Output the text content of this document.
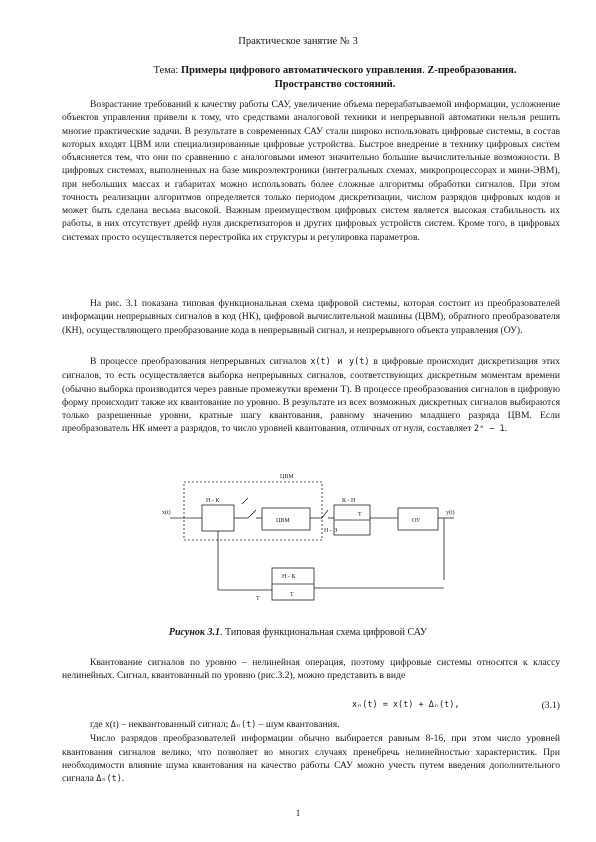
Практическое занятие № 3
Тема: Примеры цифрового автоматического управления. Z-преобразования.
Пространство состояний.

Возрастание требований к качеству работы САУ, увеличение объема перерабатываемой информации, усложнение объектов управления привели к тому, что средствами аналоговой техники и непрерывной автоматики нельзя решить многие практические задачи. В результате в современных САУ стали широко использовать цифровые системы, в состав которых входят ЦВМ или специализированные цифровые устройства. Быстрое внедрение в технику цифровых систем объясняется тем, что они по сравнению с аналоговыми имеют значительно большие вычислительные возможности. В цифровых системах, выполненных на базе микроэлектроники (интегральных схемах, микропроцессорах и мини-ЭВМ), при небольших массах и габаритах можно использовать более сложные алгоритмы обработки сигналов. При этом точность реализации алгоритмов определяется только периодом дискретизации, числом разрядов цифровых кодов и может быть сделана весьма высокой. Важным преимуществом цифровых систем является высокая стабильность их работы, в них отсутствует дрейф нуля дискретизаторов и других цифровых устройств систем. Кроме того, в цифровых системах просто осуществляется перестройка их структуры и регулировка параметров.

На рис. 3.1 показана типовая функциональная схема цифровой системы, которая состоит из преобразователей информации непрерывных сигналов в код (НК), цифровой вычислительной машины (ЦВМ), обратного преобразователя (КН), осуществляющего преобразование кода в непрерывный сигнал, и непрерывного объекта управления (ОУ).

В процессе преобразования непрерывных сигналов x(t) и y(t) в цифровые происходит дискретизация этих сигналов, то есть осуществляется выборка непрерывных сигналов, соответствующих дискретным моментам времени (обычно выборка производится через равные промежутки времени T). В процессе преобразования сигналов в цифровую форму происходит также их квантование по уровню. В результате из всех возможных дискретных сигналов выбираются только разрешенные уровни, кратные шагу квантования, равному значению младшего разряда ЦВМ. Если преобразователь НК имеет a разрядов, то число уровней квантования, отличных от нуля, составляет 2ᵃ − 1.

ЦВМ
x(t)
Н - К
ЦВМ
К - Н
Т
Н - Э
ОУ
y(t)
Н - К
T
T
Рисунок 3.1. Типовая функциональная схема цифровой САУ

Квантование сигналов по уровню – нелинейная операция, поэтому цифровые системы относятся к классу нелинейных. Сигнал, квантованный по уровню (рис.3.2), можно представить в виде

xₙ(t) = x(t) + Δₙ(t),	(3.1)

где x(t) – неквантованный сигнал; Δₙ(t) – шум квантования.

Число разрядов преобразователей информации обычно выбирается равным 8-16, при этом число уровней квантования сигналов велико, что позволяет во многих случаях пренебречь нелинейностью характеристик. При необходимости влияние шума квантования на качество работы САУ можно учесть путем введения дополнительного сигнала Δₙ(t).

1
